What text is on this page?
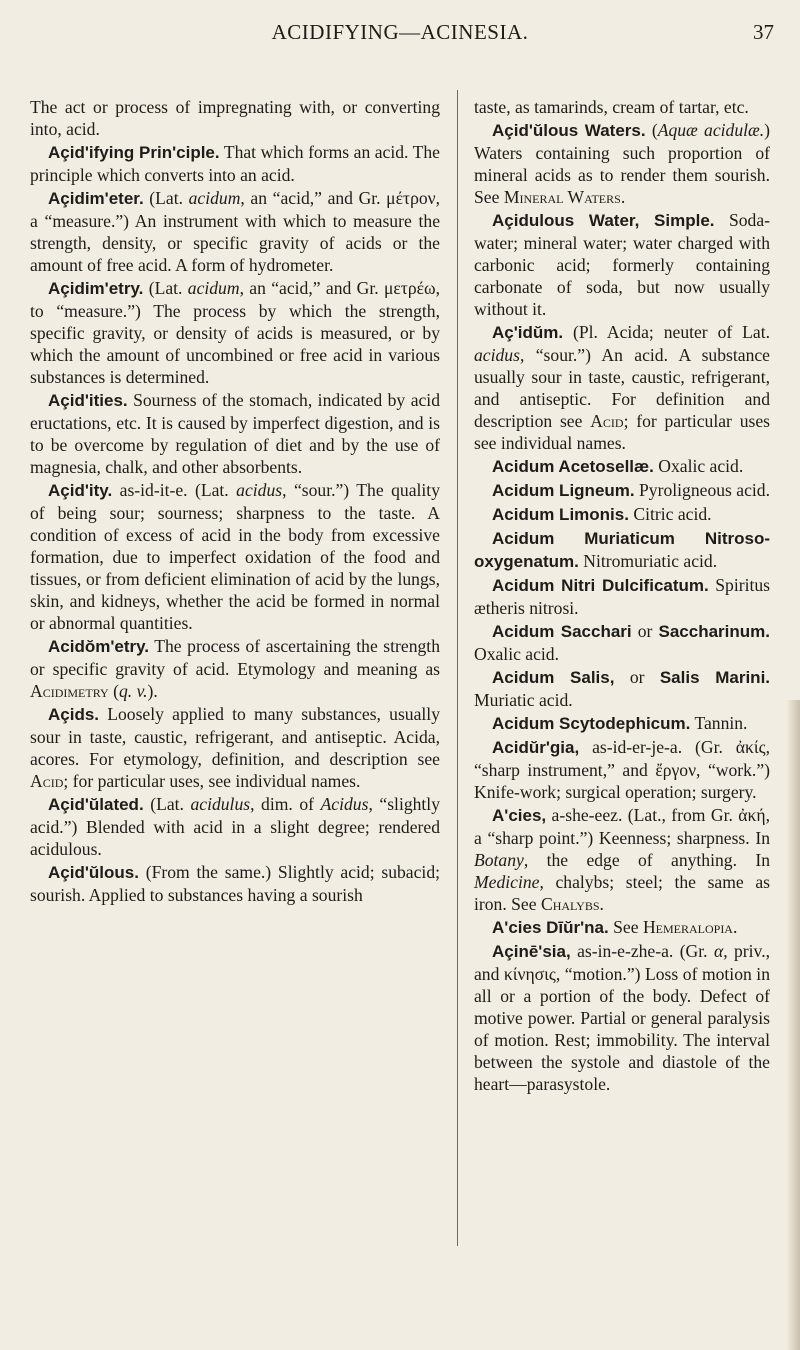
ACIDIFYING—ACINESIA.	37

The act or process of impregnating with, or converting into, acid.

Açid'ifying Prin'ciple. That which forms an acid. The principle which converts into an acid.

Açidim'eter. (Lat. acidum, an “acid,” and Gr. μέτρον, a “measure.”) An instrument with which to measure the strength, density, or specific gravity of acids or the amount of free acid. A form of hydrometer.

Açidim'etry. (Lat. acidum, an “acid,” and Gr. μετρέω, to “measure.”) The process by which the strength, specific gravity, or density of acids is measured, or by which the amount of uncombined or free acid in various substances is determined.

Açid'ities. Sourness of the stomach, indicated by acid eructations, etc. It is caused by imperfect digestion, and is to be overcome by regulation of diet and by the use of magnesia, chalk, and other absorbents.

Açid'ity. as-id-it-e. (Lat. acidus, “sour.”) The quality of being sour; sourness; sharpness to the taste. A condition of excess of acid in the body from excessive formation, due to imperfect oxidation of the food and tissues, or from deficient elimination of acid by the lungs, skin, and kidneys, whether the acid be formed in normal or abnormal quantities.

Acidŏm'etry. The process of ascertaining the strength or specific gravity of acid. Etymology and meaning as Acidimetry (q. v.).

Açids. Loosely applied to many substances, usually sour in taste, caustic, refrigerant, and antiseptic. Acida, acores. For etymology, definition, and description see Acid; for particular uses, see individual names.

Açid'ŭlated. (Lat. acidulus, dim. of Acidus, “slightly acid.”) Blended with acid in a slight degree; rendered acidulous.

Açid'ŭlous. (From the same.) Slightly acid; subacid; sourish. Applied to substances having a sourish

taste, as tamarinds, cream of tartar, etc.

Açid'ŭlous Waters. (Aquæ acidulæ.) Waters containing such proportion of mineral acids as to render them sourish. See Mineral Waters.

Açidulous Water, Simple. Soda-water; mineral water; water charged with carbonic acid; formerly containing carbonate of soda, but now usually without it.

Aç'idŭm. (Pl. Acida; neuter of Lat. acidus, “sour.”) An acid. A substance usually sour in taste, caustic, refrigerant, and antiseptic. For definition and description see Acid; for particular uses see individual names.

Acidum Acetosellæ. Oxalic acid.

Acidum Ligneum. Pyroligneous acid.

Acidum Limonis. Citric acid.

Acidum Muriaticum Nitroso-oxygenatum. Nitromuriatic acid.

Acidum Nitri Dulcificatum. Spiritus ætheris nitrosi.

Acidum Sacchari or Saccharinum. Oxalic acid.

Acidum Salis, or Salis Marini. Muriatic acid.

Acidum Scytodephicum. Tannin.

Acidŭr'gia, as-id-er-je-a. (Gr. ἀκίς, “sharp instrument,” and ἔργον, “work.”) Knife-work; surgical operation; surgery.

A'cies, a-she-eez. (Lat., from Gr. ἀκή, a “sharp point.”) Keenness; sharpness. In Botany, the edge of anything. In Medicine, chalybs; steel; the same as iron. See Chalybs.

A'cies Dīŭr'na. See Hemeralopia.

Açinē'sia, as-in-e-zhe-a. (Gr. α, priv., and κίνησις, “motion.”) Loss of motion in all or a portion of the body. Defect of motive power. Partial or general paralysis of motion. Rest; immobility. The interval between the systole and diastole of the heart—parasystole.
